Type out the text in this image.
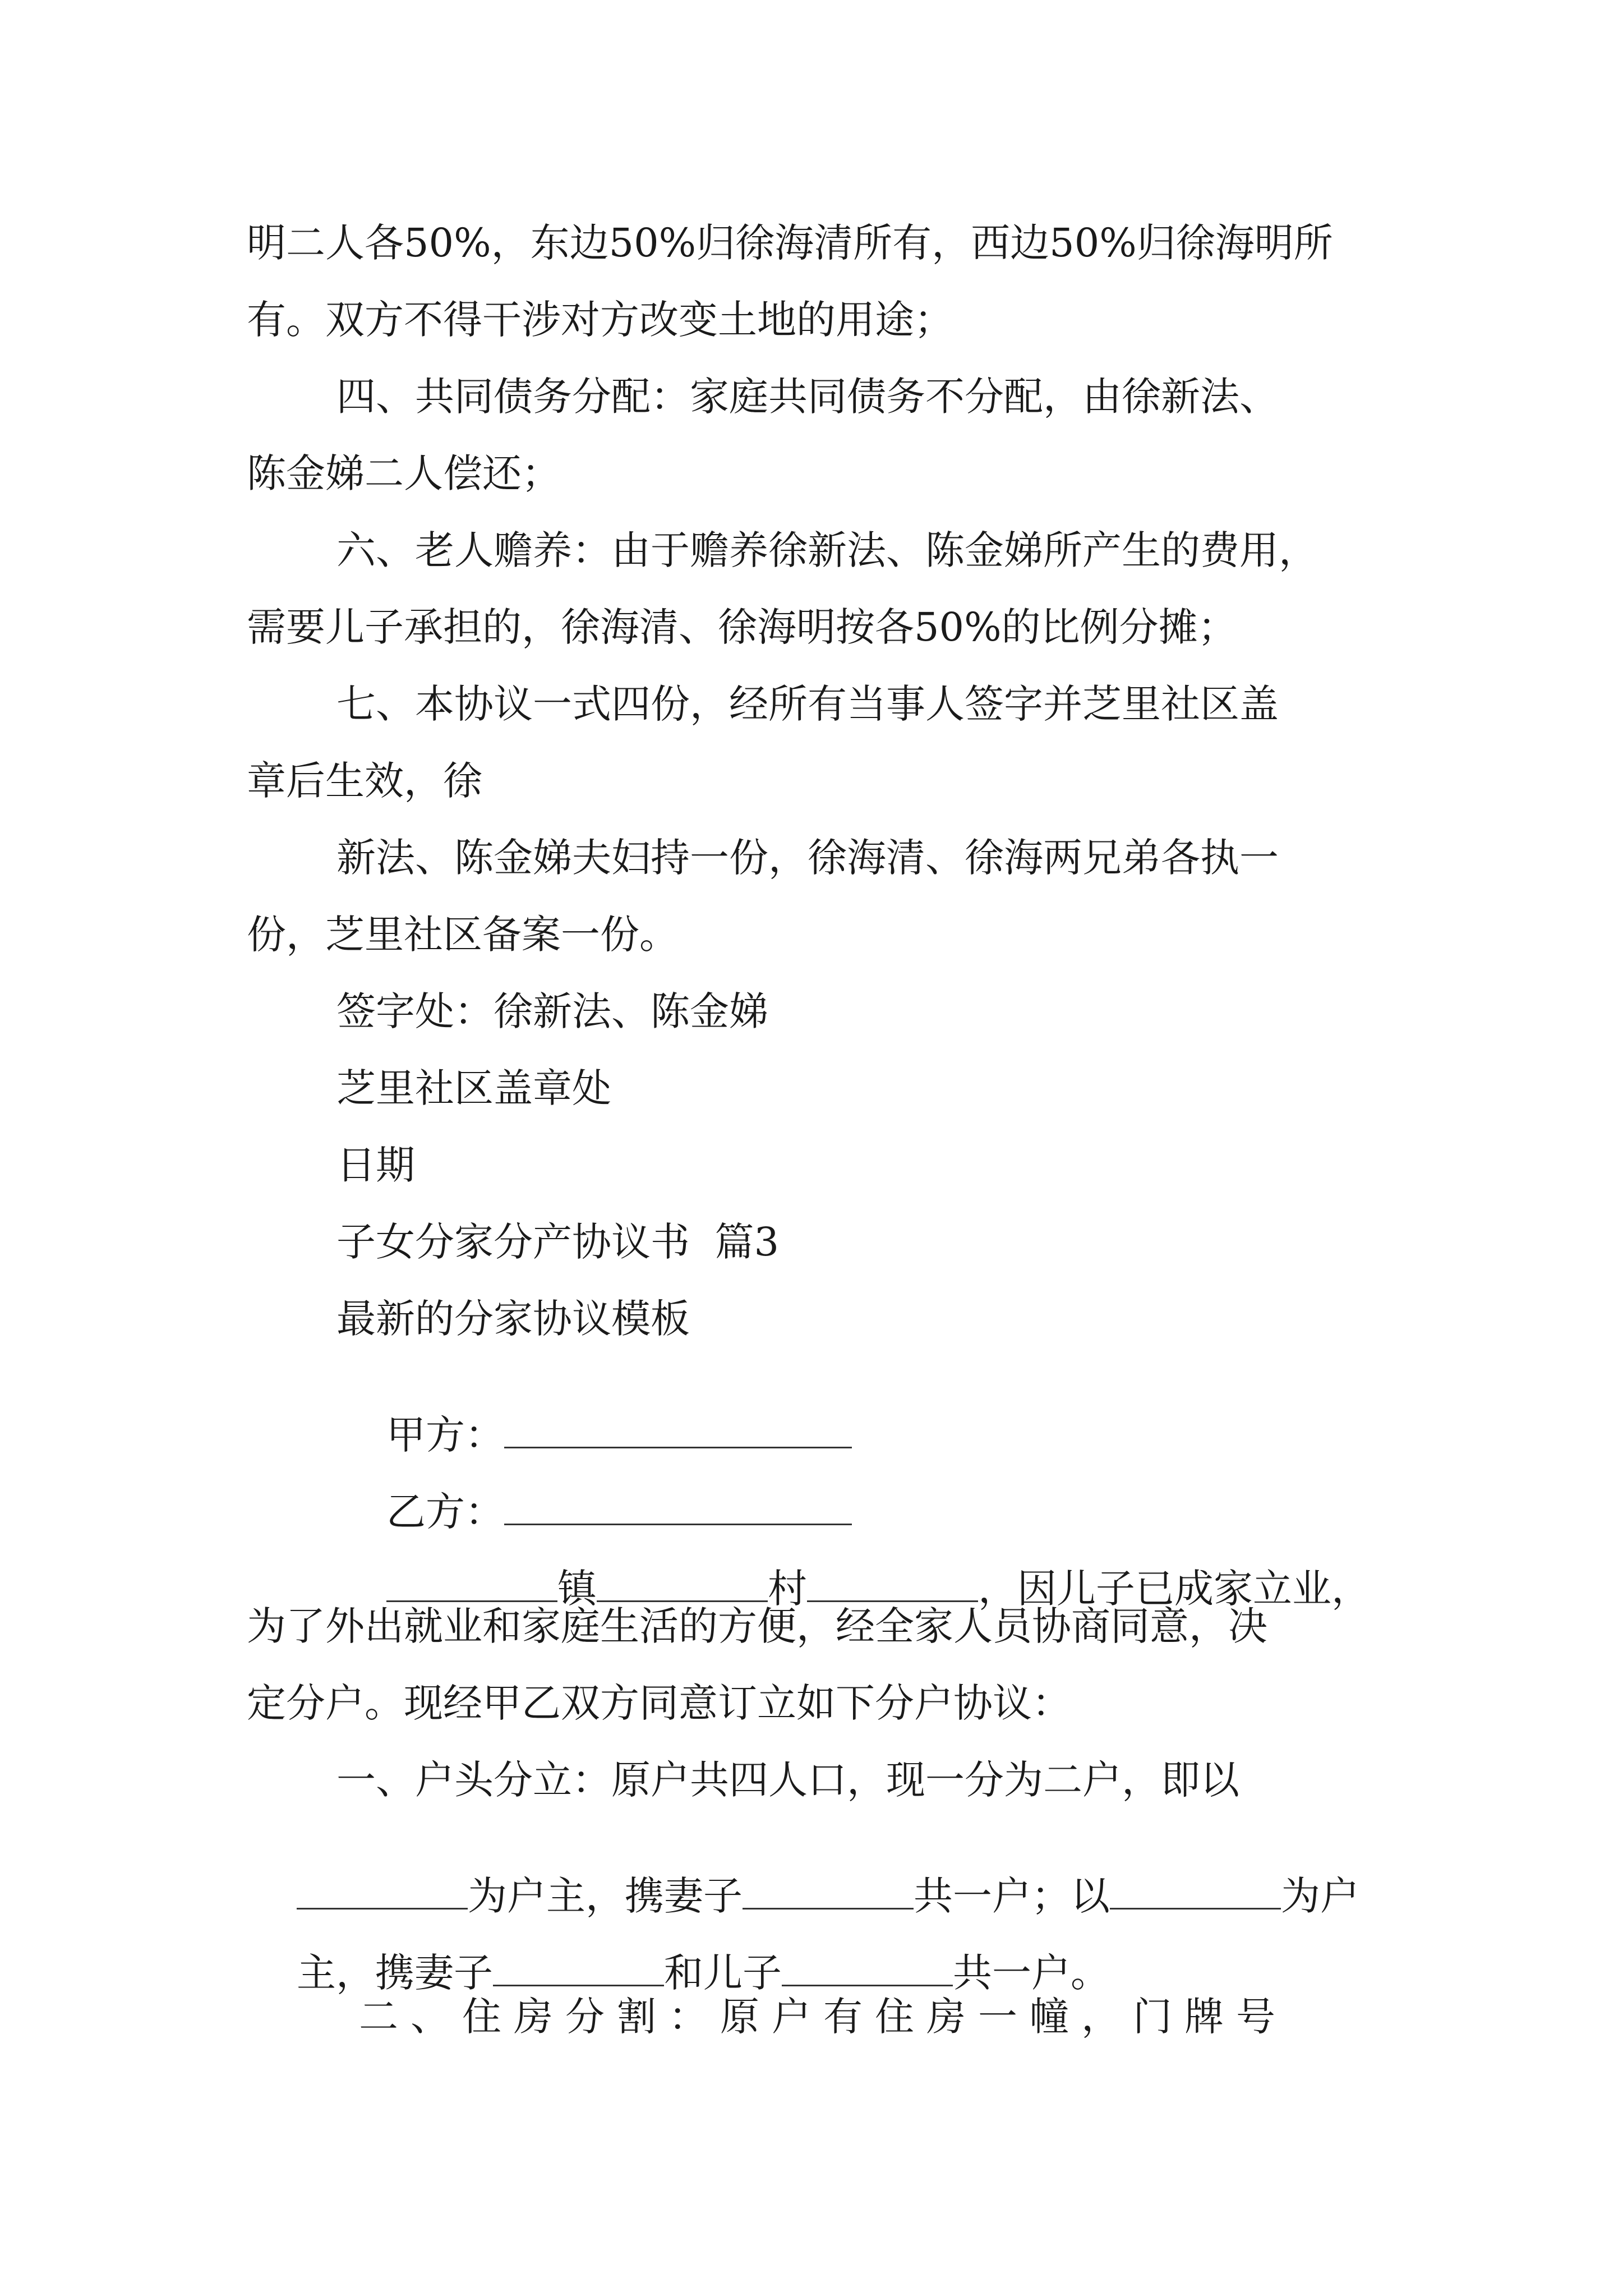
明二人各50%，东边50%归徐海清所有，西边50%归徐海明所
有。双方不得干涉对方改变土地的用途；
四、共同债务分配：家庭共同债务不分配，由徐新法、
陈金娣二人偿还；
六、老人赡养：由于赡养徐新法、陈金娣所产生的费用，
需要儿子承担的，徐海清、徐海明按各50%的比例分摊；
七、本协议一式四份，经所有当事人签字并芝里社区盖
章后生效，徐
新法、陈金娣夫妇持一份，徐海清、徐海两兄弟各执一
份，芝里社区备案一份。
签字处：徐新法、陈金娣
芝里社区盖章处
日期
子女分家分产协议书  篇3
最新的分家协议模板

甲方：

乙方：

镇	村	，因儿子已成家立业，

为了外出就业和家庭生活的方便，经全家人员协商同意，决
定分户。现经甲乙双方同意订立如下分户协议：
一、户头分立：原户共四人口，现一分为二户，即以

为户主，携妻子	共一户；以	为户

主，携妻子	和儿子	共一户。

二、住房分割：原户有住房一幢，门牌号
